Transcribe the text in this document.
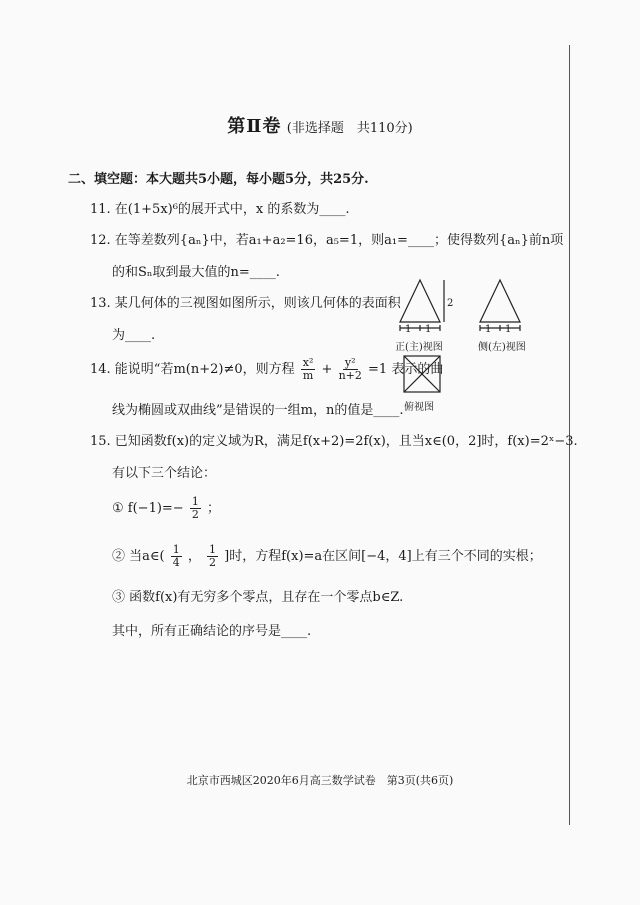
第Ⅱ卷 (非选择题　共110分)
二、填空题：本大题共5小题，每小题5分，共25分.
11. 在(1+5x)⁶的展开式中，x 的系数为____.
12. 在等差数列{aₙ}中，若a₁+a₂=16，a₅=1，则a₁=____；使得数列{aₙ}前n项
的和Sₙ取到最大值的n=____.
13. 某几何体的三视图如图所示，则该几何体的表面积
为____.
2
1 1	1 1
正(主)视图	侧(左)视图
俯视图
14. 能说明“若m(n+2)≠0，则方程 $\frac{\text{x²}}{m} + \frac{\text{y²}}{n+2} =1$ 表示的曲
线为椭圆或双曲线”是错误的一组m，n的值是____.
15. 已知函数f(x)的定义域为R，满足f(x+2)=2f(x)，且当x∈(0，2]时，f(x)=2ˣ−3.
有以下三个结论：
① $f(-1)=- \frac{1}{2}$ ；
② 当a∈( $\frac{1}{4}$ ， $\frac{1}{2}$ ]时，方程f(x)=a在区间[−4，4]上有三个不同的实根；
③ 函数f(x)有无穷多个零点，且存在一个零点b∈Z.
其中，所有正确结论的序号是____.
北京市西城区2020年6月高三数学试卷　第3页(共6页)
